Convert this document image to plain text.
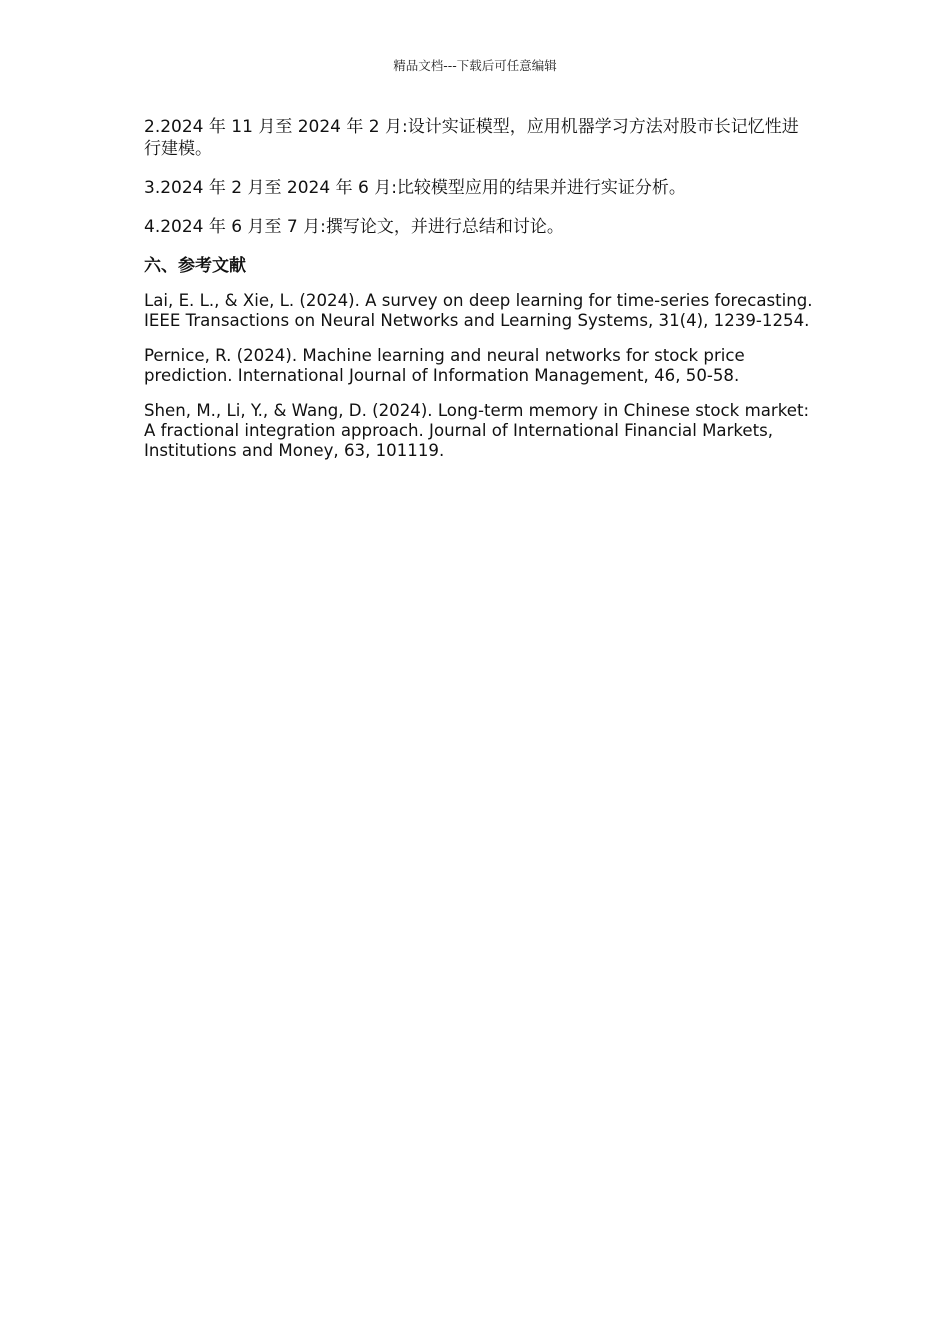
精品文档---下载后可任意编辑

2.2024 年 11 月至 2024 年 2 月:设计实证模型，应用机器学习方法对股市长记忆性进行建模。

3.2024 年 2 月至 2024 年 6 月:比较模型应用的结果并进行实证分析。

4.2024 年 6 月至 7 月:撰写论文，并进行总结和讨论。

六、参考文献

Lai, E. L., & Xie, L. (2024). A survey on deep learning for time-series forecasting. IEEE Transactions on Neural Networks and Learning Systems, 31(4), 1239-1254.

Pernice, R. (2024). Machine learning and neural networks for stock price prediction. International Journal of Information Management, 46, 50-58.

Shen, M., Li, Y., & Wang, D. (2024). Long-term memory in Chinese stock market: A fractional integration approach. Journal of International Financial Markets, Institutions and Money, 63, 101119.
